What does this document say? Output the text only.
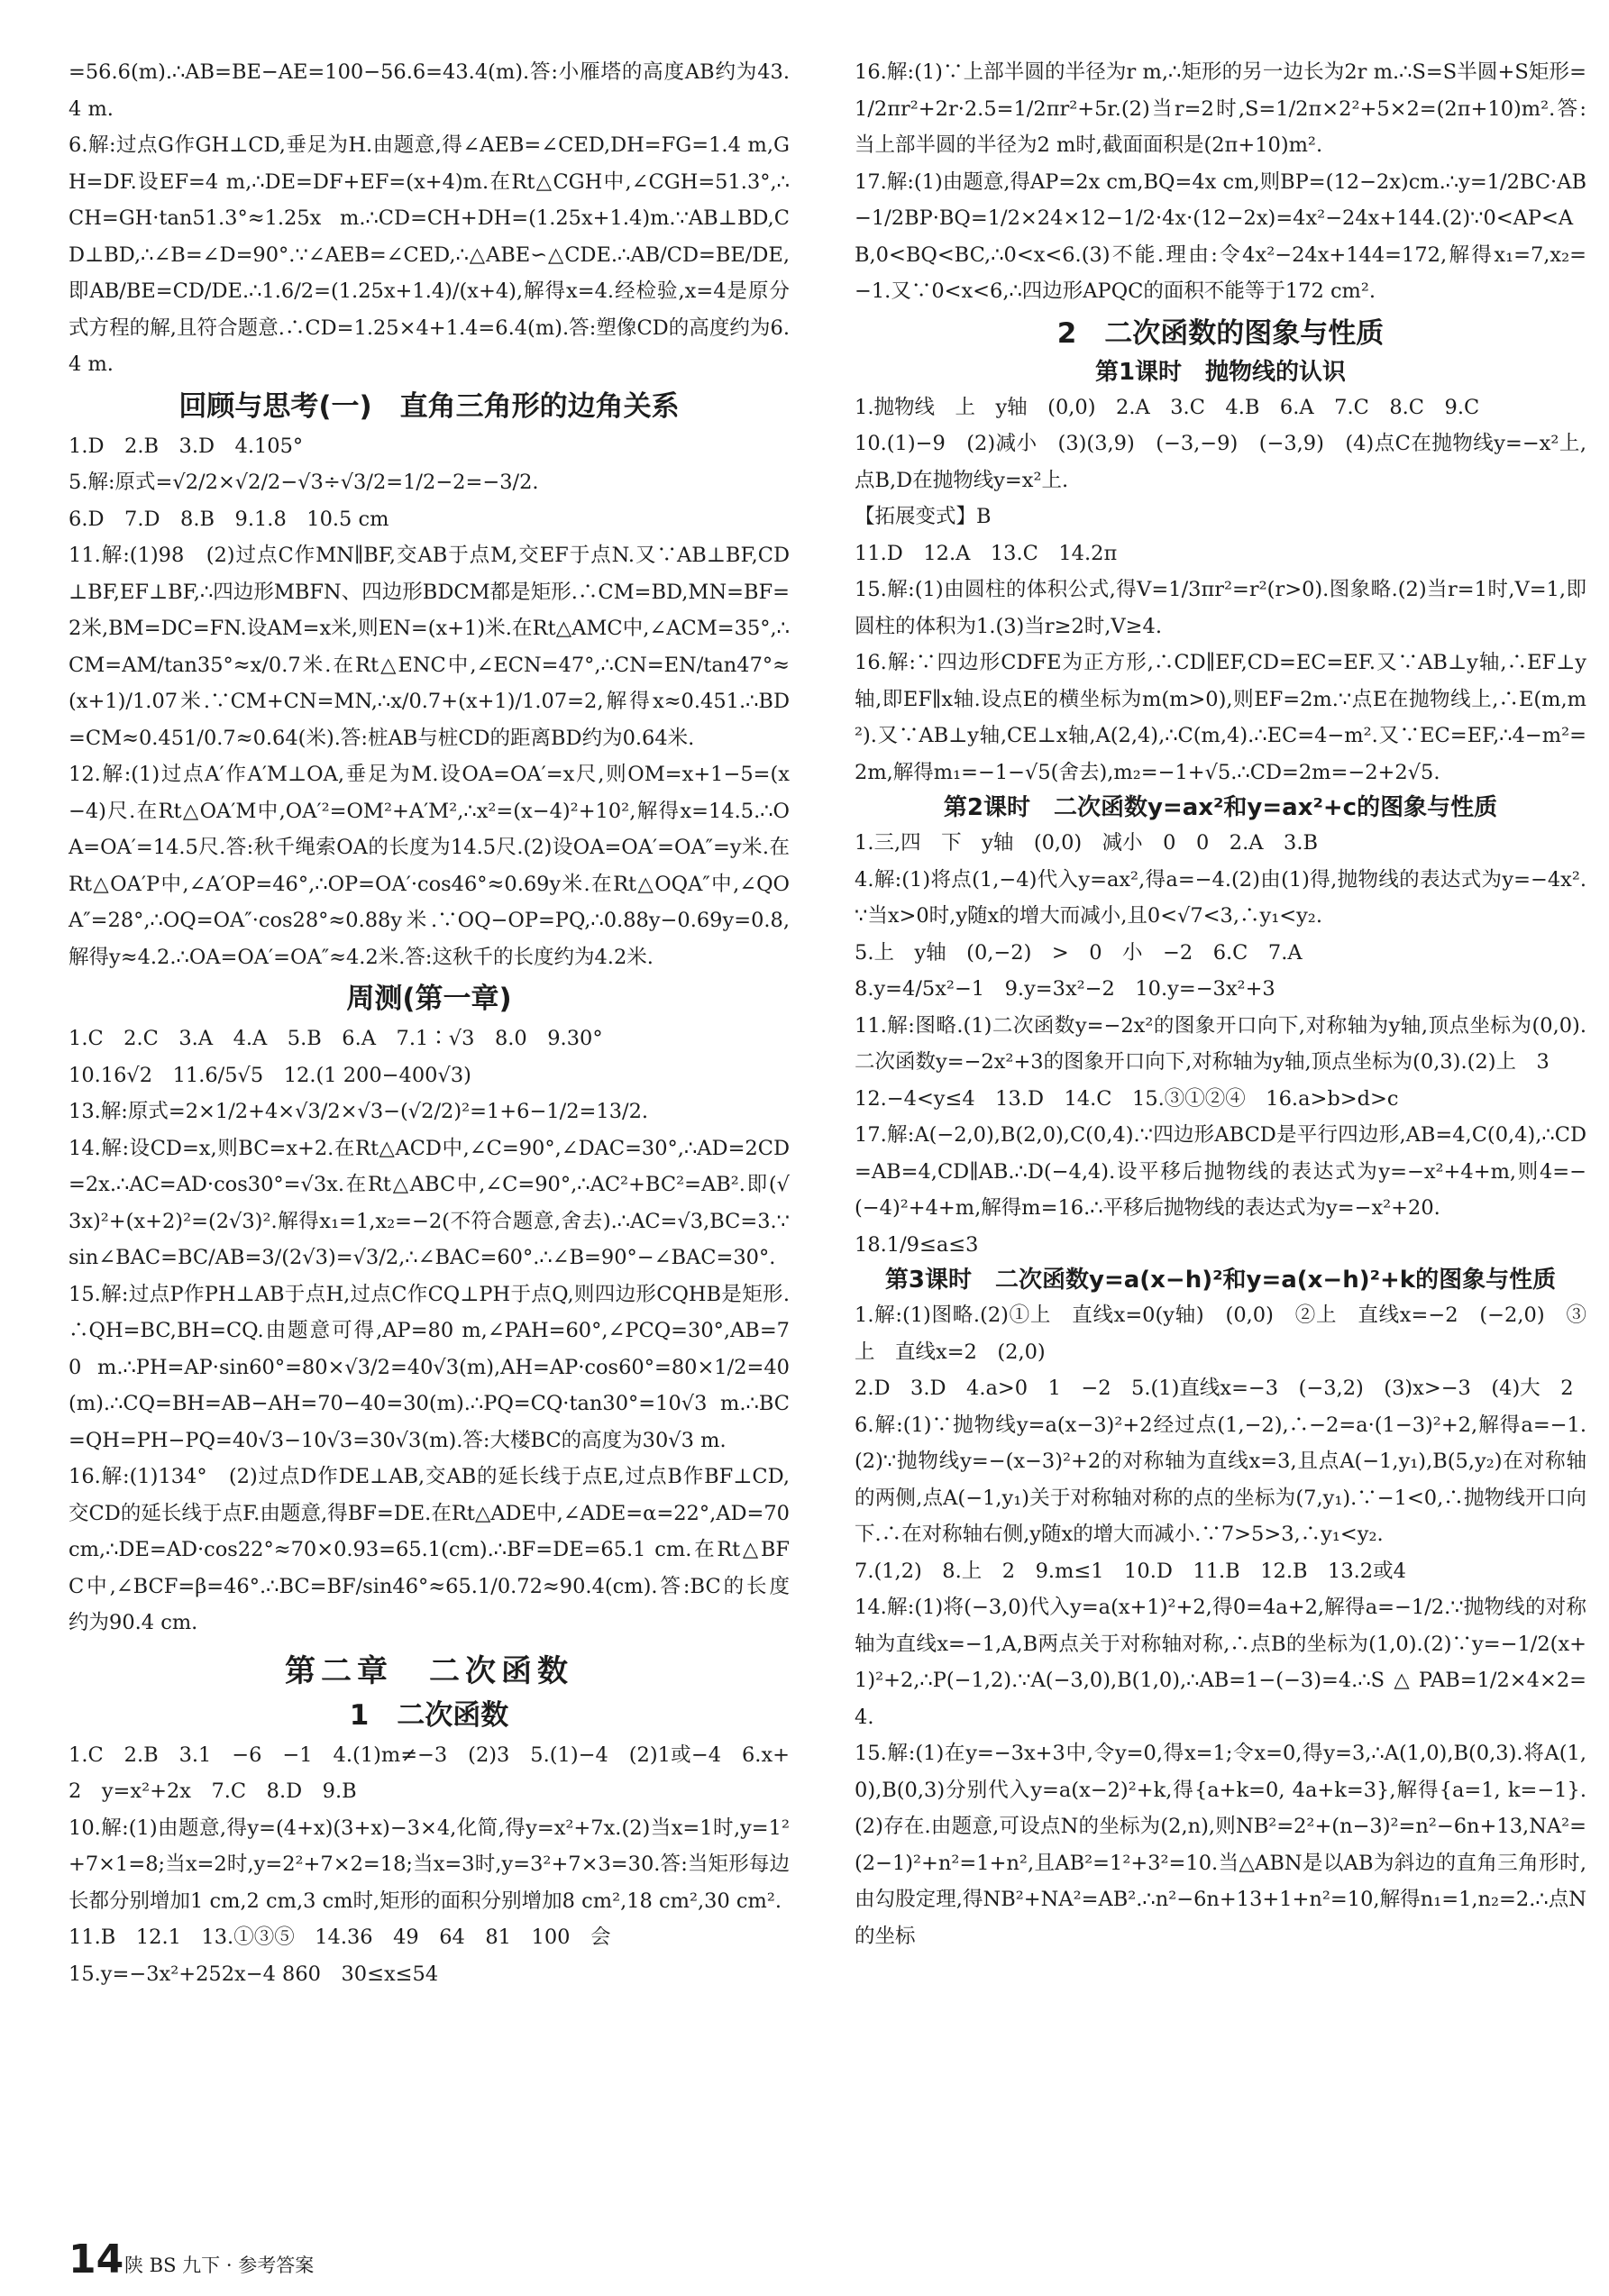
=56.6(m).∴AB=BE−AE=100−56.6=43.4(m).答:小雁塔的高度AB约为43.4 m.
6.解:过点G作GH⊥CD,垂足为H.由题意,得∠AEB=∠CED,DH=FG=1.4 m,GH=DF.设EF=4 m,∴DE=DF+EF=(x+4)m.在Rt△CGH中,∠CGH=51.3°,∴CH=GH·tan51.3°≈1.25x m.∴CD=CH+DH=(1.25x+1.4)m.∵AB⊥BD,CD⊥BD,∴∠B=∠D=90°.∵∠AEB=∠CED,∴△ABE∽△CDE.∴AB/CD=BE/DE,即AB/BE=CD/DE.∴1.6/2=(1.25x+1.4)/(x+4),解得x=4.经检验,x=4是原分式方程的解,且符合题意.∴CD=1.25×4+1.4=6.4(m).答:塑像CD的高度约为6.4 m.
回顾与思考(一)　直角三角形的边角关系
1.D　2.B　3.D　4.105°
5.解:原式=√2/2×√2/2−√3÷√3/2=1/2−2=−3/2.
6.D　7.D　8.B　9.1.8　10.5 cm
11.解:(1)98　(2)过点C作MN∥BF,交AB于点M,交EF于点N.又∵AB⊥BF,CD⊥BF,EF⊥BF,∴四边形MBFN、四边形BDCM都是矩形.∴CM=BD,MN=BF=2米,BM=DC=FN.设AM=x米,则EN=(x+1)米.在Rt△AMC中,∠ACM=35°,∴CM=AM/tan35°≈x/0.7米.在Rt△ENC中,∠ECN=47°,∴CN=EN/tan47°≈(x+1)/1.07米.∵CM+CN=MN,∴x/0.7+(x+1)/1.07=2,解得x≈0.451.∴BD=CM≈0.451/0.7≈0.64(米).答:桩AB与桩CD的距离BD约为0.64米.
12.解:(1)过点A′作A′M⊥OA,垂足为M.设OA=OA′=x尺,则OM=x+1−5=(x−4)尺.在Rt△OA′M中,OA′²=OM²+A′M²,∴x²=(x−4)²+10²,解得x=14.5.∴OA=OA′=14.5尺.答:秋千绳索OA的长度为14.5尺.(2)设OA=OA′=OA″=y米.在Rt△OA′P中,∠A′OP=46°,∴OP=OA′·cos46°≈0.69y米.在Rt△OQA″中,∠QOA″=28°,∴OQ=OA″·cos28°≈0.88y米.∵OQ−OP=PQ,∴0.88y−0.69y=0.8,解得y≈4.2.∴OA=OA′=OA″≈4.2米.答:这秋千的长度约为4.2米.
周测(第一章)
1.C　2.C　3.A　4.A　5.B　6.A　7.1∶√3　8.0　9.30°
10.16√2　11.6/5√5　12.(1 200−400√3)
13.解:原式=2×1/2+4×√3/2×√3−(√2/2)²=1+6−1/2=13/2.
14.解:设CD=x,则BC=x+2.在Rt△ACD中,∠C=90°,∠DAC=30°,∴AD=2CD=2x.∴AC=AD·cos30°=√3x.在Rt△ABC中,∠C=90°,∴AC²+BC²=AB².即(√3x)²+(x+2)²=(2√3)².解得x₁=1,x₂=−2(不符合题意,舍去).∴AC=√3,BC=3.∵sin∠BAC=BC/AB=3/(2√3)=√3/2,∴∠BAC=60°.∴∠B=90°−∠BAC=30°.
15.解:过点P作PH⊥AB于点H,过点C作CQ⊥PH于点Q,则四边形CQHB是矩形.∴QH=BC,BH=CQ.由题意可得,AP=80 m,∠PAH=60°,∠PCQ=30°,AB=70 m.∴PH=AP·sin60°=80×√3/2=40√3(m),AH=AP·cos60°=80×1/2=40(m).∴CQ=BH=AB−AH=70−40=30(m).∴PQ=CQ·tan30°=10√3 m.∴BC=QH=PH−PQ=40√3−10√3=30√3(m).答:大楼BC的高度为30√3 m.
16.解:(1)134°　(2)过点D作DE⊥AB,交AB的延长线于点E,过点B作BF⊥CD,交CD的延长线于点F.由题意,得BF=DE.在Rt△ADE中,∠ADE=α=22°,AD=70 cm,∴DE=AD·cos22°≈70×0.93=65.1(cm).∴BF=DE=65.1 cm.在Rt△BFC中,∠BCF=β=46°.∴BC=BF/sin46°≈65.1/0.72≈90.4(cm).答:BC的长度约为90.4 cm.
第二章　二次函数
1　二次函数
1.C　2.B　3.1　−6　−1　4.(1)m≠−3　(2)3　5.(1)−4　(2)1或−4　6.x+2　y=x²+2x　7.C　8.D　9.B
10.解:(1)由题意,得y=(4+x)(3+x)−3×4,化简,得y=x²+7x.(2)当x=1时,y=1²+7×1=8;当x=2时,y=2²+7×2=18;当x=3时,y=3²+7×3=30.答:当矩形每边长都分别增加1 cm,2 cm,3 cm时,矩形的面积分别增加8 cm²,18 cm²,30 cm².
11.B　12.1　13.①③⑤　14.36　49　64　81　100　会
15.y=−3x²+252x−4 860　30≤x≤54
16.解:(1)∵上部半圆的半径为r m,∴矩形的另一边长为2r m.∴S=S半圆+S矩形=1/2πr²+2r·2.5=1/2πr²+5r.(2)当r=2时,S=1/2π×2²+5×2=(2π+10)m².答:当上部半圆的半径为2 m时,截面面积是(2π+10)m².
17.解:(1)由题意,得AP=2x cm,BQ=4x cm,则BP=(12−2x)cm.∴y=1/2BC·AB−1/2BP·BQ=1/2×24×12−1/2·4x·(12−2x)=4x²−24x+144.(2)∵0<AP<AB,0<BQ<BC,∴0<x<6.(3)不能.理由:令4x²−24x+144=172,解得x₁=7,x₂=−1.又∵0<x<6,∴四边形APQC的面积不能等于172 cm².
2　二次函数的图象与性质
第1课时　抛物线的认识
1.抛物线　上　y轴　(0,0)　2.A　3.C　4.B　6.A　7.C　8.C　9.C
10.(1)−9　(2)减小　(3)(3,9)　(−3,−9)　(−3,9)　(4)点C在抛物线y=−x²上,点B,D在抛物线y=x²上.
【拓展变式】B
11.D　12.A　13.C　14.2π
15.解:(1)由圆柱的体积公式,得V=1/3πr²=r²(r>0).图象略.(2)当r=1时,V=1,即圆柱的体积为1.(3)当r≥2时,V≥4.
16.解:∵四边形CDFE为正方形,∴CD∥EF,CD=EC=EF.又∵AB⊥y轴,∴EF⊥y轴,即EF∥x轴.设点E的横坐标为m(m>0),则EF=2m.∵点E在抛物线上,∴E(m,m²).又∵AB⊥y轴,CE⊥x轴,A(2,4),∴C(m,4).∴EC=4−m².又∵EC=EF,∴4−m²=2m,解得m₁=−1−√5(舍去),m₂=−1+√5.∴CD=2m=−2+2√5.
第2课时　二次函数y=ax²和y=ax²+c的图象与性质
1.三,四　下　y轴　(0,0)　减小　0　0　2.A　3.B
4.解:(1)将点(1,−4)代入y=ax²,得a=−4.(2)由(1)得,抛物线的表达式为y=−4x².∵当x>0时,y随x的增大而减小,且0<√7<3,∴y₁<y₂.
5.上　y轴　(0,−2)　>　0　小　−2　6.C　7.A
8.y=4/5x²−1　9.y=3x²−2　10.y=−3x²+3
11.解:图略.(1)二次函数y=−2x²的图象开口向下,对称轴为y轴,顶点坐标为(0,0).二次函数y=−2x²+3的图象开口向下,对称轴为y轴,顶点坐标为(0,3).(2)上　3
12.−4<y≤4　13.D　14.C　15.③①②④　16.a>b>d>c
17.解:A(−2,0),B(2,0),C(0,4).∵四边形ABCD是平行四边形,AB=4,C(0,4),∴CD=AB=4,CD∥AB.∴D(−4,4).设平移后抛物线的表达式为y=−x²+4+m,则4=−(−4)²+4+m,解得m=16.∴平移后抛物线的表达式为y=−x²+20.
18.1/9≤a≤3
第3课时　二次函数y=a(x−h)²和y=a(x−h)²+k的图象与性质
1.解:(1)图略.(2)①上　直线x=0(y轴)　(0,0)　②上　直线x=−2　(−2,0)　③上　直线x=2　(2,0)
2.D　3.D　4.a>0　1　−2　5.(1)直线x=−3　(−3,2)　(3)x>−3　(4)大　2
6.解:(1)∵抛物线y=a(x−3)²+2经过点(1,−2),∴−2=a·(1−3)²+2,解得a=−1.(2)∵抛物线y=−(x−3)²+2的对称轴为直线x=3,且点A(−1,y₁),B(5,y₂)在对称轴的两侧,点A(−1,y₁)关于对称轴对称的点的坐标为(7,y₁).∵−1<0,∴抛物线开口向下.∴在对称轴右侧,y随x的增大而减小.∵7>5>3,∴y₁<y₂.
7.(1,2)　8.上　2　9.m≤1　10.D　11.B　12.B　13.2或4
14.解:(1)将(−3,0)代入y=a(x+1)²+2,得0=4a+2,解得a=−1/2.∵抛物线的对称轴为直线x=−1,A,B两点关于对称轴对称,∴点B的坐标为(1,0).(2)∵y=−1/2(x+1)²+2,∴P(−1,2).∵A(−3,0),B(1,0),∴AB=1−(−3)=4.∴S△PAB=1/2×4×2=4.
15.解:(1)在y=−3x+3中,令y=0,得x=1;令x=0,得y=3,∴A(1,0),B(0,3).将A(1,0),B(0,3)分别代入y=a(x−2)²+k,得{a+k=0, 4a+k=3},解得{a=1, k=−1}.(2)存在.由题意,可设点N的坐标为(2,n),则NB²=2²+(n−3)²=n²−6n+13,NA²=(2−1)²+n²=1+n²,且AB²=1²+3²=10.当△ABN是以AB为斜边的直角三角形时,由勾股定理,得NB²+NA²=AB².∴n²−6n+13+1+n²=10,解得n₁=1,n₂=2.∴点N的坐标
14 陕 BS 九下 · 参考答案
